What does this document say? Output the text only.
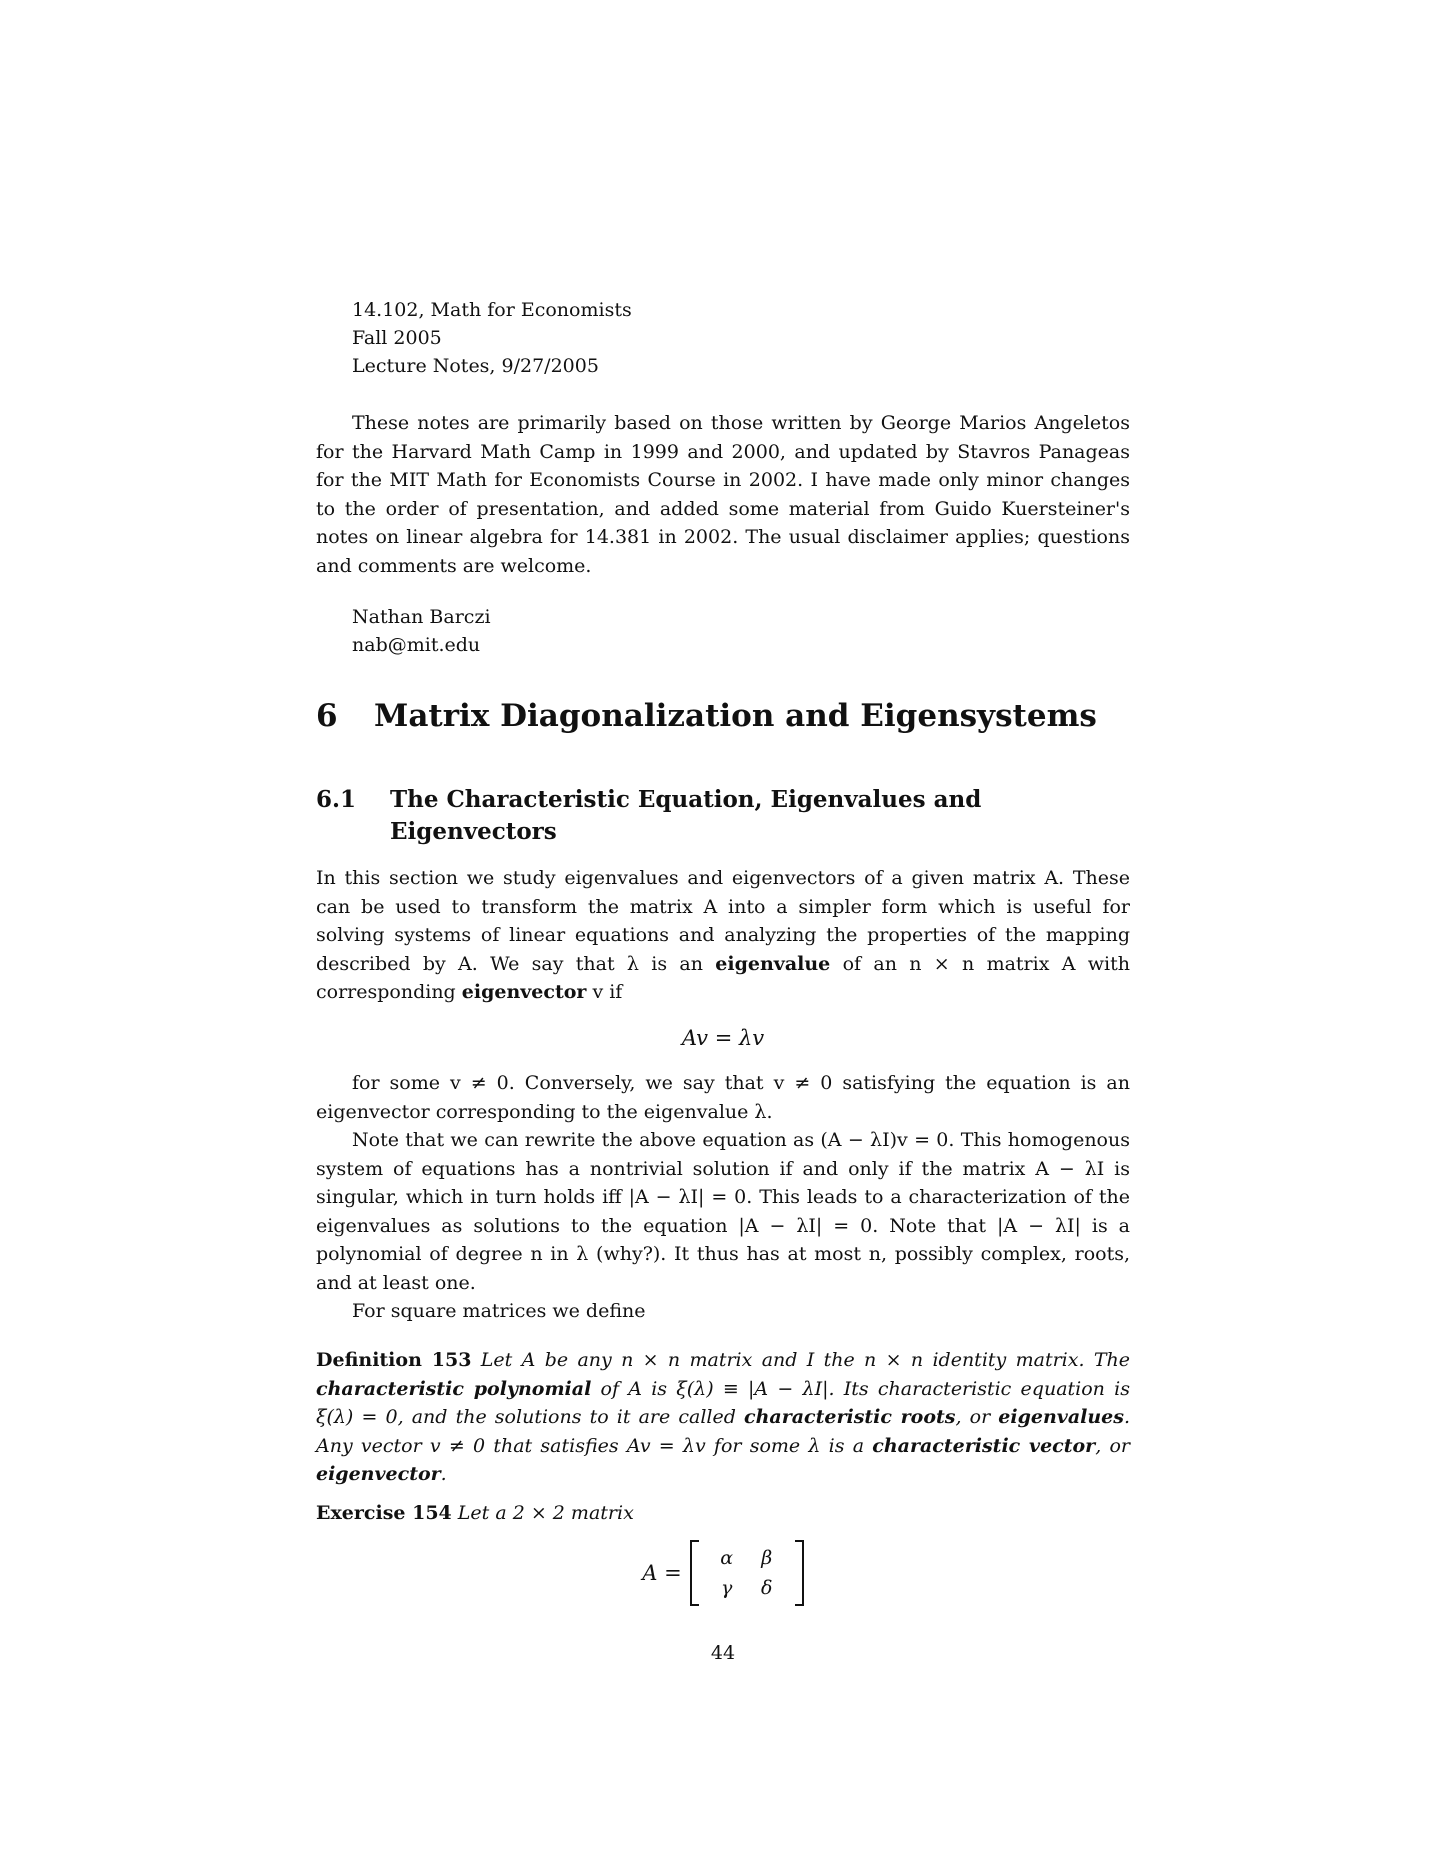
14.102, Math for Economists

Fall 2005

Lecture Notes, 9/27/2005

These notes are primarily based on those written by George Marios Angeletos for the Harvard Math Camp in 1999 and 2000, and updated by Stavros Panageas for the MIT Math for Economists Course in 2002. I have made only minor changes to the order of presentation, and added some material from Guido Kuersteiner's notes on linear algebra for 14.381 in 2002. The usual disclaimer applies; questions and comments are welcome.

Nathan Barczi

nab@mit.edu

6 Matrix Diagonalization and Eigensystems
6.1	The Characteristic Equation, Eigenvalues and Eigenvectors

In this section we study eigenvalues and eigenvectors of a given matrix A. These can be used to transform the matrix A into a simpler form which is useful for solving systems of linear equations and analyzing the properties of the mapping described by A. We say that λ is an eigenvalue of an n × n matrix A with corresponding eigenvector v if

Av = λv

for some v ≠ 0. Conversely, we say that v ≠ 0 satisfying the equation is an eigenvector corresponding to the eigenvalue λ.

Note that we can rewrite the above equation as (A − λI)v = 0. This homogenous system of equations has a nontrivial solution if and only if the matrix A − λI is singular, which in turn holds iff |A − λI| = 0. This leads to a characterization of the eigenvalues as solutions to the equation |A − λI| = 0. Note that |A − λI| is a polynomial of degree n in λ (why?). It thus has at most n, possibly complex, roots, and at least one.

For square matrices we define

Definition 153 Let A be any n × n matrix and I the n × n identity matrix. The characteristic polynomial of A is ξ(λ) ≡ |A − λI|. Its characteristic equation is ξ(λ) = 0, and the solutions to it are called characteristic roots, or eigenvalues. Any vector v ≠ 0 that satisfies Av = λv for some λ is a characteristic vector, or eigenvector.

Exercise 154 Let a 2 × 2 matrix

A =
α	β
γ	δ

44
